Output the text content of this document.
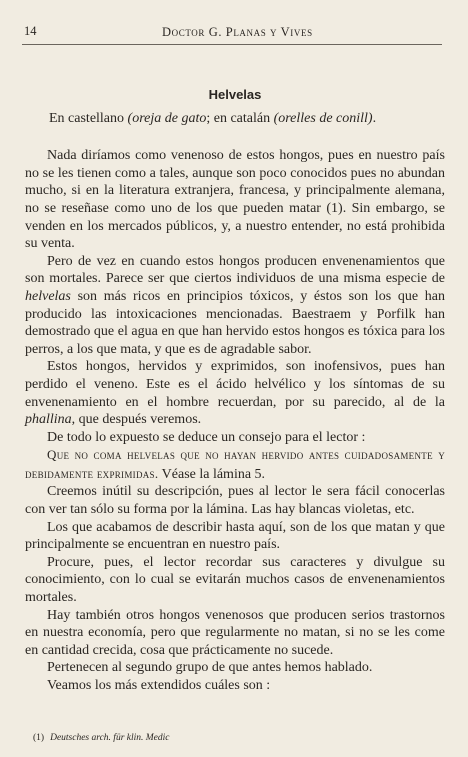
14	Doctor G. Planas y Vives

Helvelas

En castellano (oreja de gato; en catalán (orelles de conill).

Nada diríamos como venenoso de estos hongos, pues en nuestro país no se les tienen como a tales, aunque son poco conocidos pues no abundan mucho, si en la literatura extranjera, francesa, y principalmente alemana, no se reseñase como uno de los que pueden matar (1). Sin embargo, se venden en los mercados públicos, y, a nuestro entender, no está prohibida su venta.

Pero de vez en cuando estos hongos producen envenenamientos que son mortales. Parece ser que ciertos individuos de una misma especie de helvelas son más ricos en principios tóxicos, y éstos son los que han producido las intoxicaciones mencionadas. Baestraem y Porfilk han demostrado que el agua en que han hervido estos hongos es tóxica para los perros, a los que mata, y que es de agradable sabor.

Estos hongos, hervidos y exprimidos, son inofensivos, pues han perdido el veneno. Este es el ácido helvélico y los síntomas de su envenenamiento en el hombre recuerdan, por su parecido, al de la phallina, que después veremos.

De todo lo expuesto se deduce un consejo para el lector :

Que no coma helvelas que no hayan hervido antes cuidadosamente y debidamente exprimidas. Véase la lámina 5.

Creemos inútil su descripción, pues al lector le sera fácil conocerlas con ver tan sólo su forma por la lámina. Las hay blancas violetas, etc.

Los que acabamos de describir hasta aquí, son de los que matan y que principalmente se encuentran en nuestro país.

Procure, pues, el lector recordar sus caracteres y divulgue su conocimiento, con lo cual se evitarán muchos casos de envenenamientos mortales.

Hay también otros hongos venenosos que producen serios trastornos en nuestra economía, pero que regularmente no matan, si no se les come en cantidad crecida, cosa que prácticamente no sucede.

Pertenecen al segundo grupo de que antes hemos hablado.

Veamos los más extendidos cuáles son :

(1) Deutsches arch. für klin. Medic
